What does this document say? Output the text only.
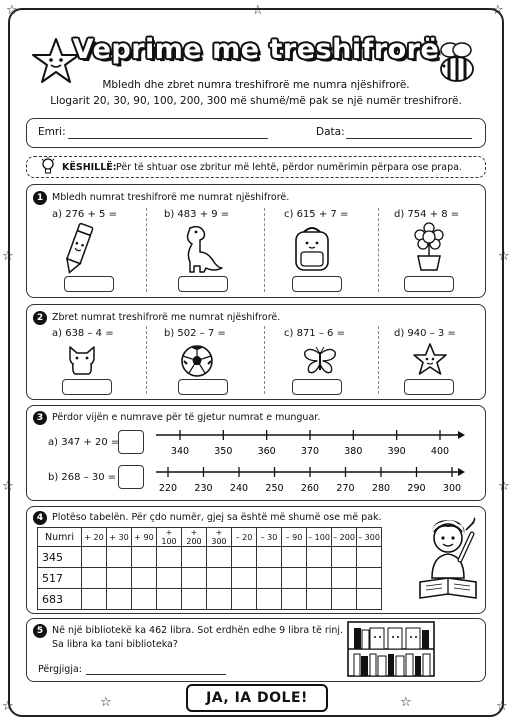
☆	☆	☆
☆	☆
☆	☆
☆	☆
☆	☆
Veprime me treshifrorë
Mbledh dhe zbret numra treshifrorë me numra njëshifrorë.
Llogarit 20, 30, 90, 100, 200, 300 më shumë/më pak se një numër treshifrorë.
Emri:	Data:
KËSHILLË: Për të shtuar ose zbritur më lehtë, përdor numërimin përpara ose prapa.
1 Mbledh numrat treshifrorë me numrat njëshifrorë.
a) 276 + 5 =	b) 483 + 9 =	c) 615 + 7 =	d) 754 + 8 =
2 Zbret numrat treshifrorë me numrat njëshifrorë.
a) 638 – 4 =	b) 502 – 7 =	c) 871 – 6 =	d) 940 – 3 =
3 Përdor vijën e numrave për të gjetur numrat e munguar.
a) 347 + 20 =
b) 268 – 30 =
340	350	360	370	380	390	400
220 230 240 250 260 270 280 290 300
4 Plotëso tabelën. Për çdo numër, gjej sa është më shumë ose më pak.
Numri	+ 20	+ 30	+ 90	+ 100	+ 200	+ 300	– 20	– 30	– 90	– 100	– 200	– 300
345												
517												
683												
5 Në një bibliotekë ka 462 libra. Sot erdhën edhe 9 libra të rinj.
Sa libra ka tani biblioteka?
Përgjigja:
JA, IA DOLE!
